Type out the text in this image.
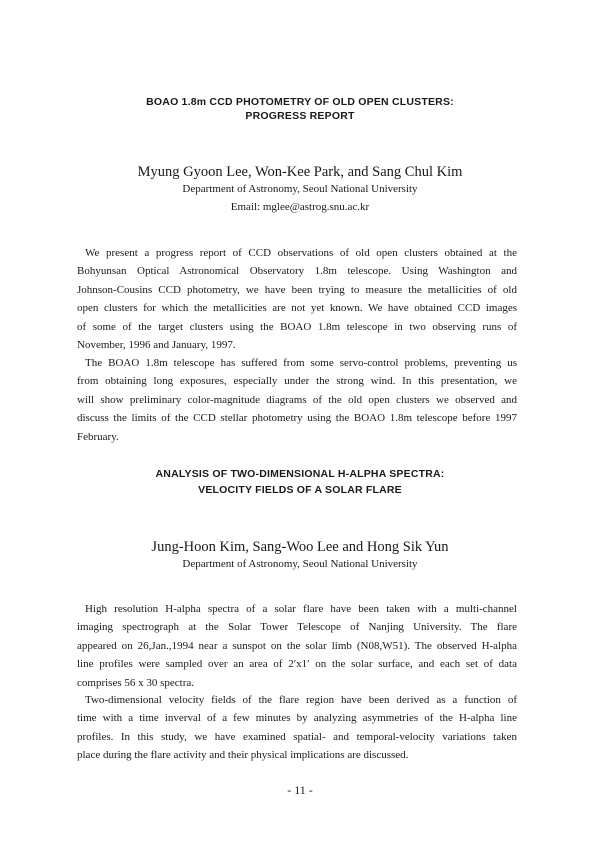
BOAO 1.8m CCD PHOTOMETRY OF OLD OPEN CLUSTERS:
PROGRESS REPORT
Myung Gyoon Lee, Won-Kee Park, and Sang Chul Kim
Department of Astronomy, Seoul National University
Email: mglee@astrog.snu.ac.kr
We present a progress report of CCD observations of old open clusters obtained at the
Bohyunsan Optical Astronomical Observatory 1.8m telescope. Using Washington and
Johnson-Cousins CCD photometry, we have been trying to measure the metallicities of old
open clusters for which the metallicities are not yet known. We have obtained CCD images
of some of the target clusters using the BOAO 1.8m telescope in two observing runs of
November, 1996 and January, 1997.
The BOAO 1.8m telescope has suffered from some servo-control problems, preventing us
from obtaining long exposures, especially under the strong wind. In this presentation, we
will show preliminary color-magnitude diagrams of the old open clusters we observed and
discuss the limits of the CCD stellar photometry using the BOAO 1.8m telescope before 1997
February.
ANALYSIS OF TWO-DIMENSIONAL H-ALPHA SPECTRA:
VELOCITY FIELDS OF A SOLAR FLARE
Jung-Hoon Kim, Sang-Woo Lee and Hong Sik Yun
Department of Astronomy, Seoul National University
High resolution H-alpha spectra of a solar flare have been taken with a multi-channel
imaging spectrograph at the Solar Tower Telescope of Nanjing University. The flare
appeared on 26,Jan.,1994 near a sunspot on the solar limb (N08,W51). The observed H-alpha
line profiles were sampled over an area of 2′x1′ on the solar surface, and each set of data
comprises 56 x 30 spectra.
Two-dimensional velocity fields of the flare region have been derived as a function of
time with a time inverval of a few minutes by analyzing asymmetries of the H-alpha line
profiles. In this study, we have examined spatial- and temporal-velocity variations taken
place during the flare activity and their physical implications are discussed.
- 11 -
